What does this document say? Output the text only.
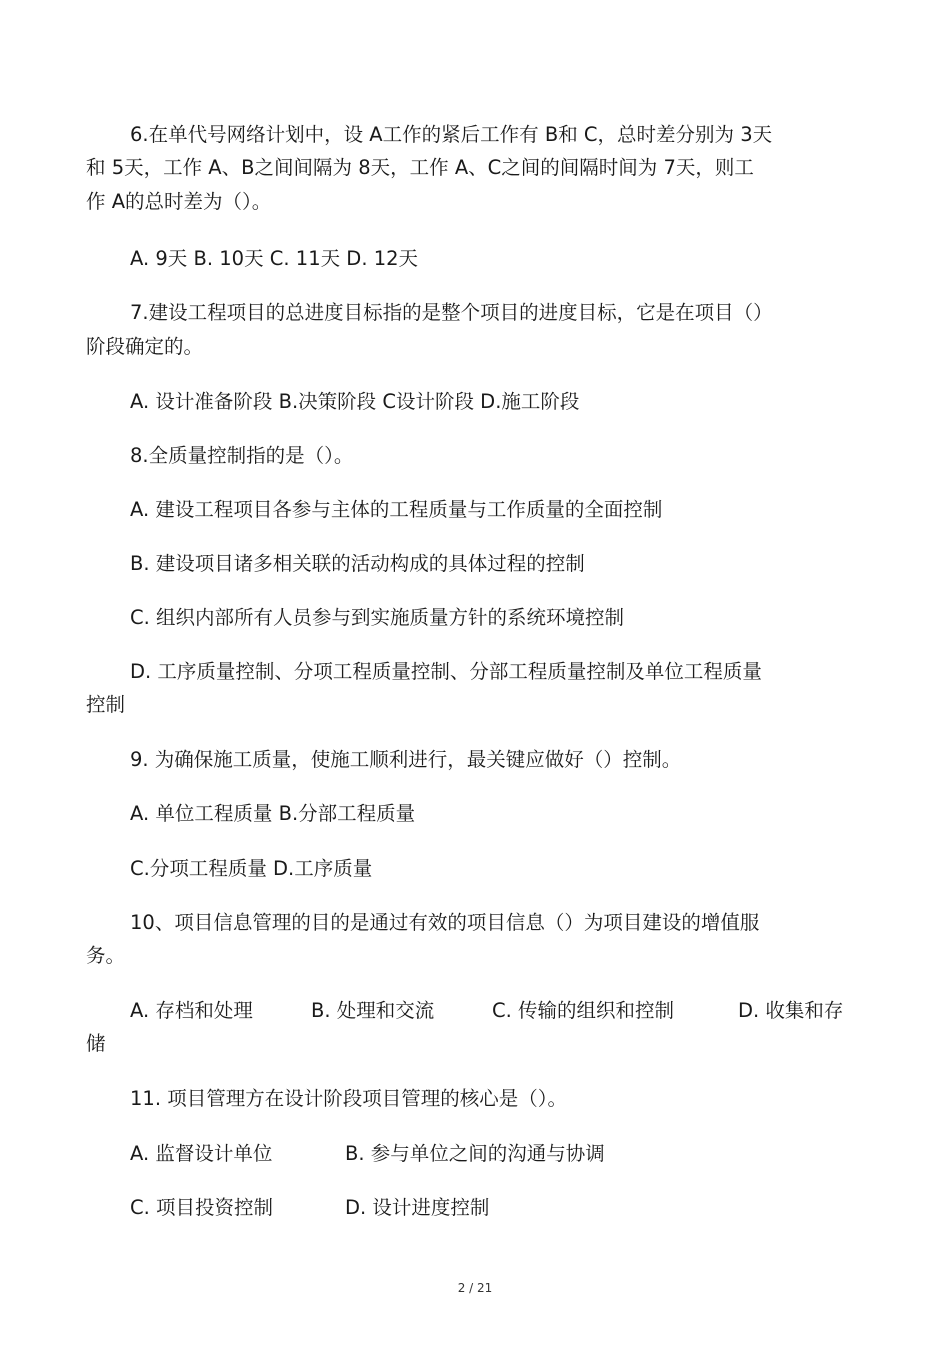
6.在单代号网络计划中，设 A工作的紧后工作有 B和 C，总时差分别为 3天
和 5天，工作 A、B之间间隔为 8天，工作 A、C之间的间隔时间为 7天，则工
作 A的总时差为（）。
A. 9天 B. 10天 C. 11天 D. 12天
7.建设工程项目的总进度目标指的是整个项目的进度目标，它是在项目（）
阶段确定的。
A. 设计准备阶段 B.决策阶段 C设计阶段 D.施工阶段
8.全质量控制指的是（）。
A. 建设工程项目各参与主体的工程质量与工作质量的全面控制
B. 建设项目诸多相关联的活动构成的具体过程的控制
C. 组织内部所有人员参与到实施质量方针的系统环境控制
D. 工序质量控制、分项工程质量控制、分部工程质量控制及单位工程质量
控制
9. 为确保施工质量，使施工顺利进行，最关键应做好（）控制。
A. 单位工程质量 B.分部工程质量
C.分项工程质量 D.工序质量
10、项目信息管理的目的是通过有效的项目信息（）为项目建设的增值服
务。
A. 存档和处理	B. 处理和交流	C. 传输的组织和控制	D. 收集和存
储
11. 项目管理方在设计阶段项目管理的核心是（）。
A. 监督设计单位	B. 参与单位之间的沟通与协调
C. 项目投资控制	D. 设计进度控制
2 / 21
